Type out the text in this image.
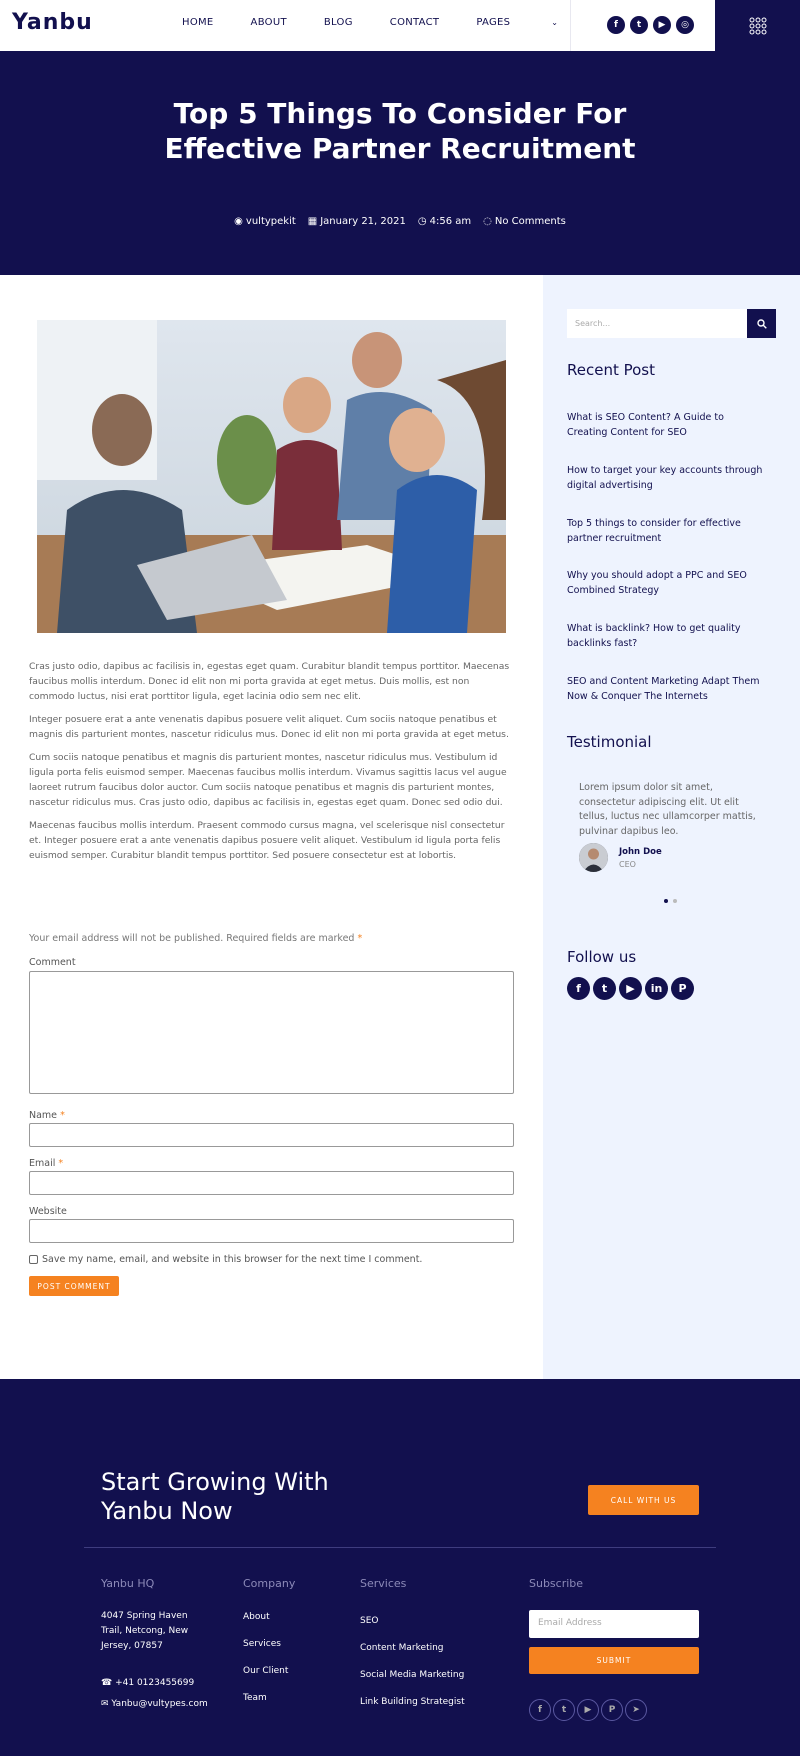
Yanbu	HOME	ABOUT	BLOG	CONTACT	PAGES	⌄	f	t	▶	◎
Top 5 Things To Consider For Effective Partner Recruitment
◉ vultypekit ▦ January 21, 2021 ◷ 4:56 am ◌ No Comments

Cras justo odio, dapibus ac facilisis in, egestas eget quam. Curabitur blandit tempus porttitor. Maecenas faucibus mollis interdum. Donec id elit non mi porta gravida at eget metus. Duis mollis, est non commodo luctus, nisi erat porttitor ligula, eget lacinia odio sem nec elit.

Integer posuere erat a ante venenatis dapibus posuere velit aliquet. Cum sociis natoque penatibus et magnis dis parturient montes, nascetur ridiculus mus. Donec id elit non mi porta gravida at eget metus.

Cum sociis natoque penatibus et magnis dis parturient montes, nascetur ridiculus mus. Vestibulum id ligula porta felis euismod semper. Maecenas faucibus mollis interdum. Vivamus sagittis lacus vel augue laoreet rutrum faucibus dolor auctor. Cum sociis natoque penatibus et magnis dis parturient montes, nascetur ridiculus mus. Cras justo odio, dapibus ac facilisis in, egestas eget quam. Donec sed odio dui.

Maecenas faucibus mollis interdum. Praesent commodo cursus magna, vel scelerisque nisl consectetur et. Integer posuere erat a ante venenatis dapibus posuere velit aliquet. Vestibulum id ligula porta felis euismod semper. Curabitur blandit tempus porttitor. Sed posuere consectetur est at lobortis.

Your email address will not be published. Required fields are marked *
Comment
Name *
Email *
Website
Save my name, email, and website in this browser for the next time I comment.
POST COMMENT
Search...
Recent Post
What is SEO Content? A Guide to Creating Content for SEO
How to target your key accounts through digital advertising
Top 5 things to consider for effective partner recruitment
Why you should adopt a PPC and SEO Combined Strategy
What is backlink? How to get quality backlinks fast?
SEO and Content Marketing Adapt Them Now & Conquer The Internets
Testimonial
Lorem ipsum dolor sit amet, consectetur adipiscing elit. Ut elit tellus, luctus nec ullamcorper mattis, pulvinar dapibus leo.
John Doe
CEO
Follow us
f	t	▶	in	P
Start Growing With
Yanbu Now	CALL WITH US
Yanbu HQ
4047 Spring Haven Trail, Netcong, New Jersey, 07857
☎ +41 0123455699
✉ Yanbu@vultypes.com
Company
About
Services
Our Client
Team
Services
SEO
Content Marketing
Social Media Marketing
Link Building Strategist
Subscribe
Email Address
SUBMIT
f	t	▶	P	➤
